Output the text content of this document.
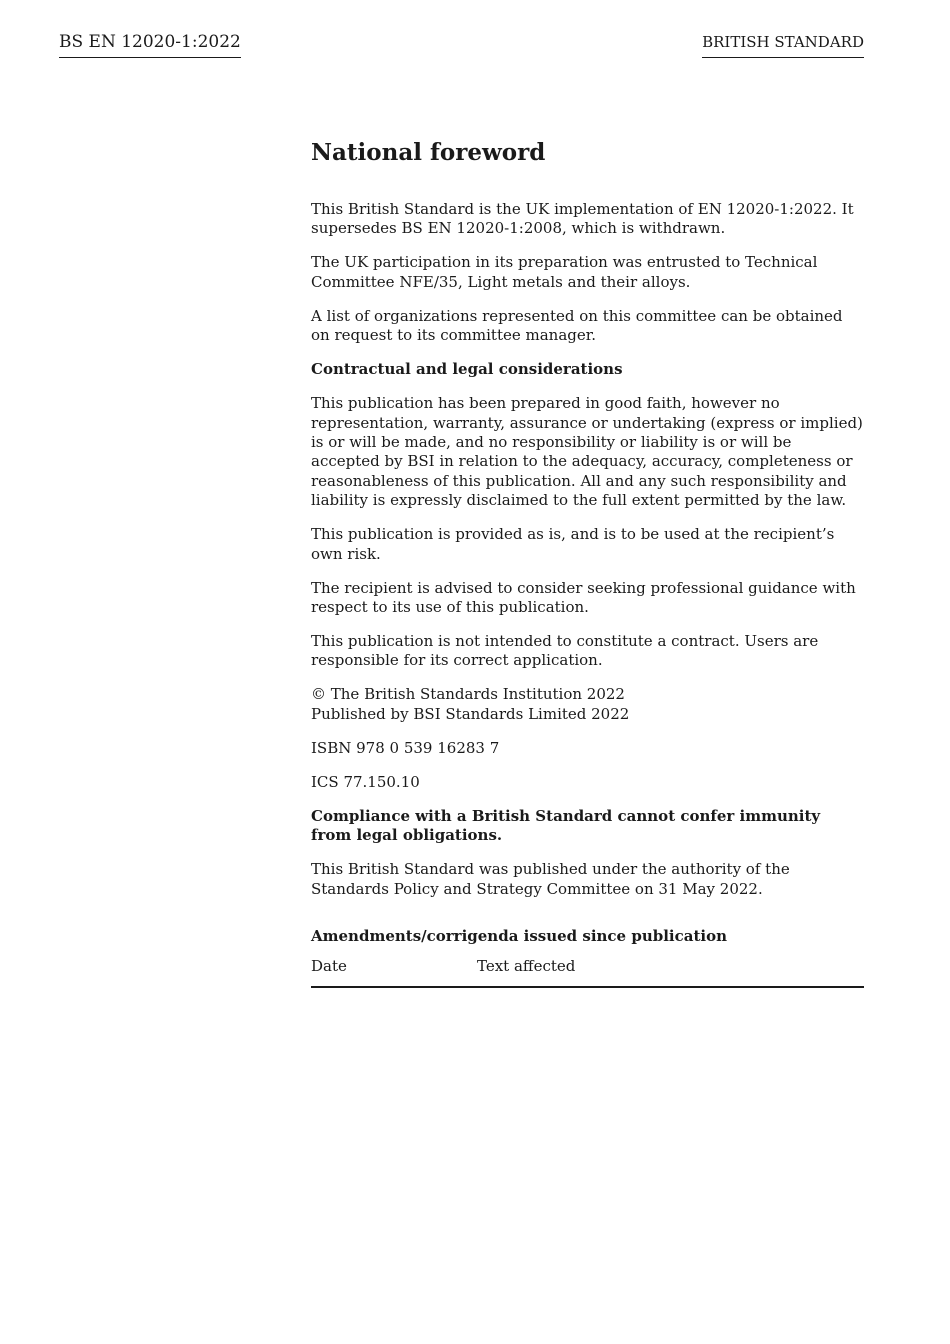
BS EN 12020-1:2022	BRITISH STANDARD
National foreword

This British Standard is the UK implementation of EN 12020-1:2022. It supersedes BS EN 12020-1:2008, which is withdrawn.

The UK participation in its preparation was entrusted to Technical Committee NFE/35, Light metals and their alloys.

A list of organizations represented on this committee can be obtained on request to its committee manager.

Contractual and legal considerations

This publication has been prepared in good faith, however no representation, warranty, assurance or undertaking (express or implied) is or will be made, and no responsibility or liability is or will be accepted by BSI in relation to the adequacy, accuracy, completeness or reasonableness of this publication. All and any such responsibility and liability is expressly disclaimed to the full extent permitted by the law.

This publication is provided as is, and is to be used at the recipient’s own risk.

The recipient is advised to consider seeking professional guidance with respect to its use of this publication.

This publication is not intended to constitute a contract. Users are responsible for its correct application.

© The British Standards Institution 2022
Published by BSI Standards Limited 2022

ISBN 978 0 539 16283 7

ICS 77.150.10

Compliance with a British Standard cannot confer immunity from legal obligations.

This British Standard was published under the authority of the Standards Policy and Strategy Committee on 31 May 2022.

Amendments/corrigenda issued since publication
Date	Text affected
